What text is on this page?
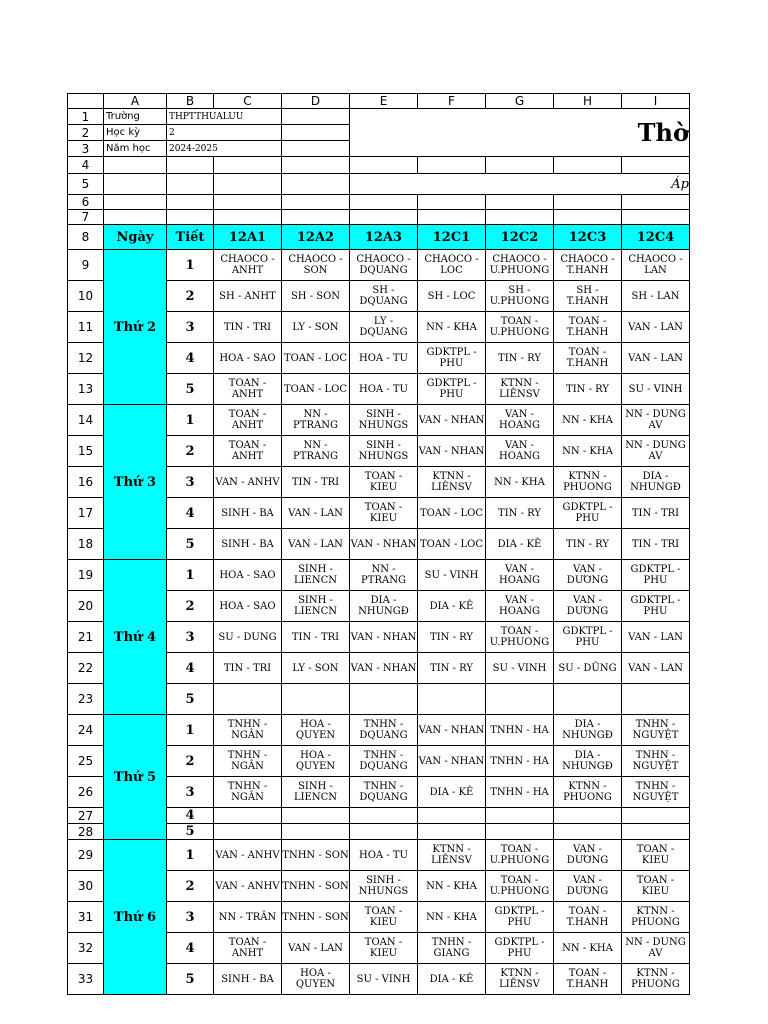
	A	B	C	D	E	F	G	H	I
1	Trường	THPTTHUALUU			Thờ				
2	Học kỳ	2							
3	Năm học	2024-2025							
4									
5					Áp				
6									
7									
8	Ngày	Tiết	12A1	12A2	12A3	12C1	12C2	12C3	12C4
9	Thứ 2	1	CHAOCO - ANHT	CHAOCO - SON	CHAOCO - DQUANG	CHAOCO - LOC	CHAOCO - U.PHUONG	CHAOCO - T.HANH	CHAOCO - LAN
10		2	SH - ANHT	SH - SON	SH - DQUANG	SH - LOC	SH - U.PHUONG	SH - T.HANH	SH - LAN
11		3	TIN - TRI	LY - SON	LY - DQUANG	NN - KHA	TOAN - U.PHUONG	TOAN - T.HANH	VAN - LAN
12		4	HOA - SAO	TOAN - LOC	HOA - TU	GDKTPL - PHU	TIN - RY	TOAN - T.HANH	VAN - LAN
13		5	TOAN - ANHT	TOAN - LOC	HOA - TU	GDKTPL - PHU	KTNN - LIÊNSV	TIN - RY	SU - VINH
14	Thứ 3	1	TOAN - ANHT	NN - PTRANG	SINH - NHUNGS	VAN - NHAN	VAN - HOANG	NN - KHA	NN - DUNG AV
15		2	TOAN - ANHT	NN - PTRANG	SINH - NHUNGS	VAN - NHAN	VAN - HOANG	NN - KHA	NN - DUNG AV
16		3	VAN - ANHV	TIN - TRI	TOAN - KIEU	KTNN - LIÊNSV	NN - KHA	KTNN - PHUONG	DIA - NHUNGĐ
17		4	SINH - BA	VAN - LAN	TOAN - KIEU	TOAN - LOC	TIN - RY	GDKTPL - PHU	TIN - TRI
18		5	SINH - BA	VAN - LAN	VAN - NHAN	TOAN - LOC	DIA - KÊ	TIN - RY	TIN - TRI
19	Thứ 4	1	HOA - SAO	SINH - LIENCN	NN - PTRANG	SU - VINH	VAN - HOANG	VAN - DƯƠNG	GDKTPL - PHU
20		2	HOA - SAO	SINH - LIENCN	DIA - NHUNGĐ	DIA - KÊ	VAN - HOANG	VAN - DƯƠNG	GDKTPL - PHU
21		3	SU - DUNG	TIN - TRI	VAN - NHAN	TIN - RY	TOAN - U.PHUONG	GDKTPL - PHU	VAN - LAN
22		4	TIN - TRI	LY - SON	VAN - NHAN	TIN - RY	SU - VINH	SU - DŨNG	VAN - LAN
23		5							
24	Thứ 5	1	TNHN - NGÂN	HOA - QUYEN	TNHN - DQUANG	VAN - NHAN	TNHN - HA	DIA - NHUNGĐ	TNHN - NGUYỆT
25		2	TNHN - NGÂN	HOA - QUYEN	TNHN - DQUANG	VAN - NHAN	TNHN - HA	DIA - NHUNGĐ	TNHN - NGUYỆT
26		3	TNHN - NGÂN	SINH - LIENCN	TNHN - DQUANG	DIA - KÊ	TNHN - HA	KTNN - PHUONG	TNHN - NGUYỆT
27		4							
28		5							
29	Thứ 6	1	VAN - ANHV	TNHN - SON	HOA - TU	KTNN - LIÊNSV	TOAN - U.PHUONG	VAN - DƯƠNG	TOAN - KIEU
30		2	VAN - ANHV	TNHN - SON	SINH - NHUNGS	NN - KHA	TOAN - U.PHUONG	VAN - DƯƠNG	TOAN - KIEU
31		3	NN - TRÂN	TNHN - SON	TOAN - KIEU	NN - KHA	GDKTPL - PHU	TOAN - T.HANH	KTNN - PHUONG
32		4	TOAN - ANHT	VAN - LAN	TOAN - KIEU	TNHN - GIANG	GDKTPL - PHU	NN - KHA	NN - DUNG AV
33		5	SINH - BA	HOA - QUYEN	SU - VINH	DIA - KÊ	KTNN - LIÊNSV	TOAN - T.HANH	KTNN - PHUONG
